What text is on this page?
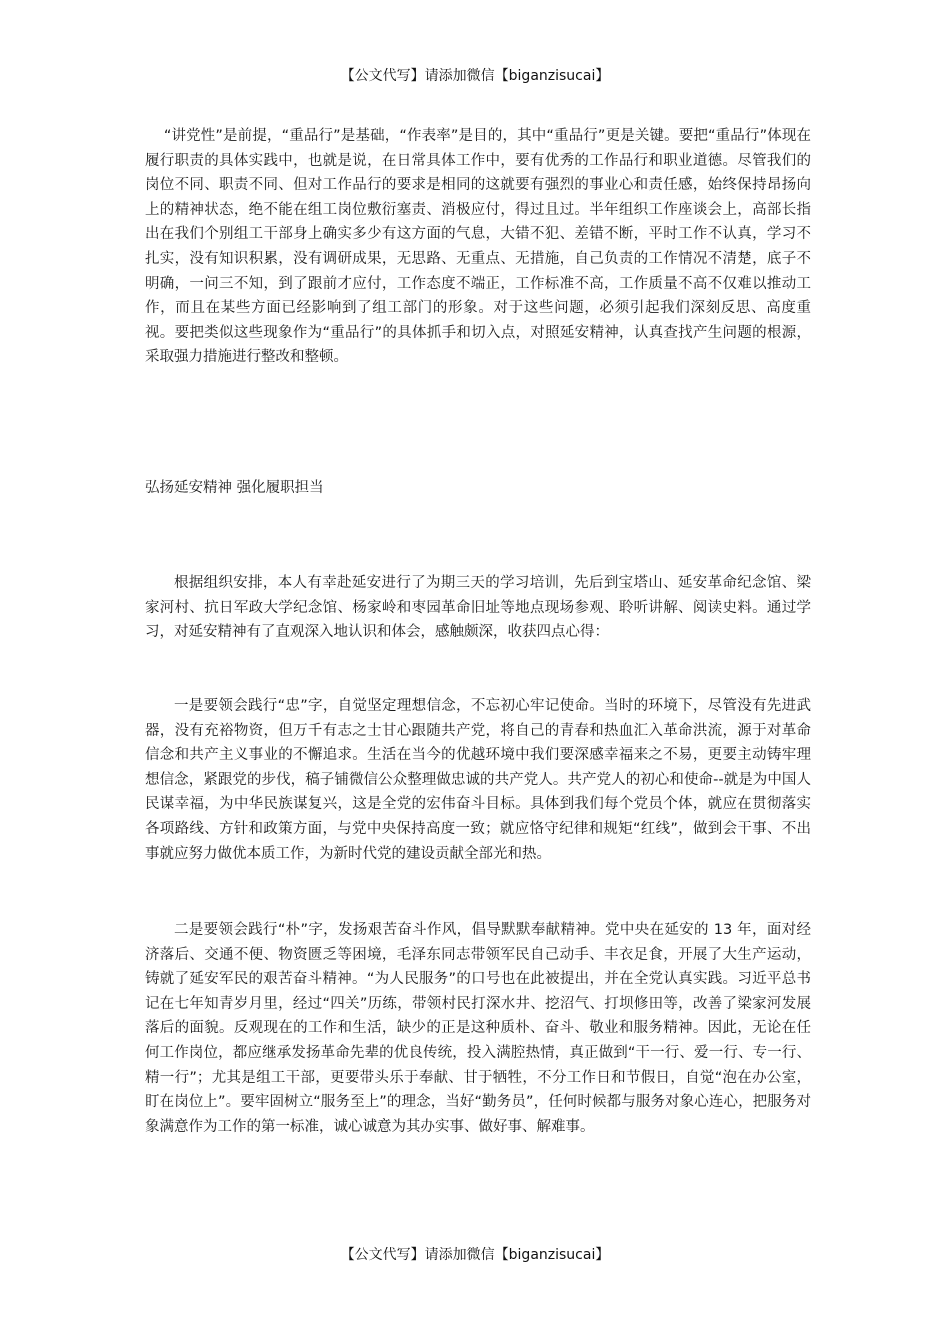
【公文代写】请添加微信【biganzisucai】

“讲党性”是前提，“重品行”是基础，“作表率”是目的，其中“重品行”更是关键。要把“重品行”体现在履行职责的具体实践中，也就是说，在日常具体工作中，要有优秀的工作品行和职业道德。尽管我们的岗位不同、职责不同、但对工作品行的要求是相同的这就要有强烈的事业心和责任感，始终保持昂扬向上的精神状态，绝不能在组工岗位敷衍塞责、消极应付，得过且过。半年组织工作座谈会上，高部长指出在我们个别组工干部身上确实多少有这方面的气息，大错不犯、差错不断，平时工作不认真，学习不扎实，没有知识积累，没有调研成果，无思路、无重点、无措施，自己负责的工作情况不清楚，底子不明确，一问三不知，到了跟前才应付，工作态度不端正，工作标准不高，工作质量不高不仅难以推动工作，而且在某些方面已经影响到了组工部门的形象。对于这些问题，必须引起我们深刻反思、高度重视。要把类似这些现象作为“重品行”的具体抓手和切入点，对照延安精神，认真查找产生问题的根源，采取强力措施进行整改和整顿。

弘扬延安精神 强化履职担当

根据组织安排，本人有幸赴延安进行了为期三天的学习培训，先后到宝塔山、延安革命纪念馆、梁家河村、抗日军政大学纪念馆、杨家岭和枣园革命旧址等地点现场参观、聆听讲解、阅读史料。通过学习，对延安精神有了直观深入地认识和体会，感触颇深，收获四点心得：

一是要领会践行“忠”字，自觉坚定理想信念，不忘初心牢记使命。当时的环境下，尽管没有先进武器，没有充裕物资，但万千有志之士甘心跟随共产党，将自己的青春和热血汇入革命洪流，源于对革命信念和共产主义事业的不懈追求。生活在当今的优越环境中我们要深感幸福来之不易，更要主动铸牢理想信念，紧跟党的步伐，稿子铺微信公众整理做忠诚的共产党人。共产党人的初心和使命--就是为中国人民谋幸福，为中华民族谋复兴，这是全党的宏伟奋斗目标。具体到我们每个党员个体，就应在贯彻落实各项路线、方针和政策方面，与党中央保持高度一致；就应恪守纪律和规矩“红线”，做到会干事、不出事就应努力做优本质工作，为新时代党的建设贡献全部光和热。

二是要领会践行“朴”字，发扬艰苦奋斗作风，倡导默默奉献精神。党中央在延安的 13 年，面对经济落后、交通不便、物资匮乏等困境，毛泽东同志带领军民自己动手、丰衣足食，开展了大生产运动，铸就了延安军民的艰苦奋斗精神。“为人民服务”的口号也在此被提出，并在全党认真实践。习近平总书记在七年知青岁月里，经过“四关”历练，带领村民打深水井、挖沼气、打坝修田等，改善了梁家河发展落后的面貌。反观现在的工作和生活，缺少的正是这种质朴、奋斗、敬业和服务精神。因此，无论在任何工作岗位，都应继承发扬革命先辈的优良传统，投入满腔热情，真正做到“干一行、爱一行、专一行、精一行”；尤其是组工干部，更要带头乐于奉献、甘于牺牲，不分工作日和节假日，自觉“泡在办公室，盯在岗位上”。要牢固树立“服务至上”的理念，当好“勤务员”，任何时候都与服务对象心连心，把服务对象满意作为工作的第一标准，诚心诚意为其办实事、做好事、解难事。

【公文代写】请添加微信【biganzisucai】
